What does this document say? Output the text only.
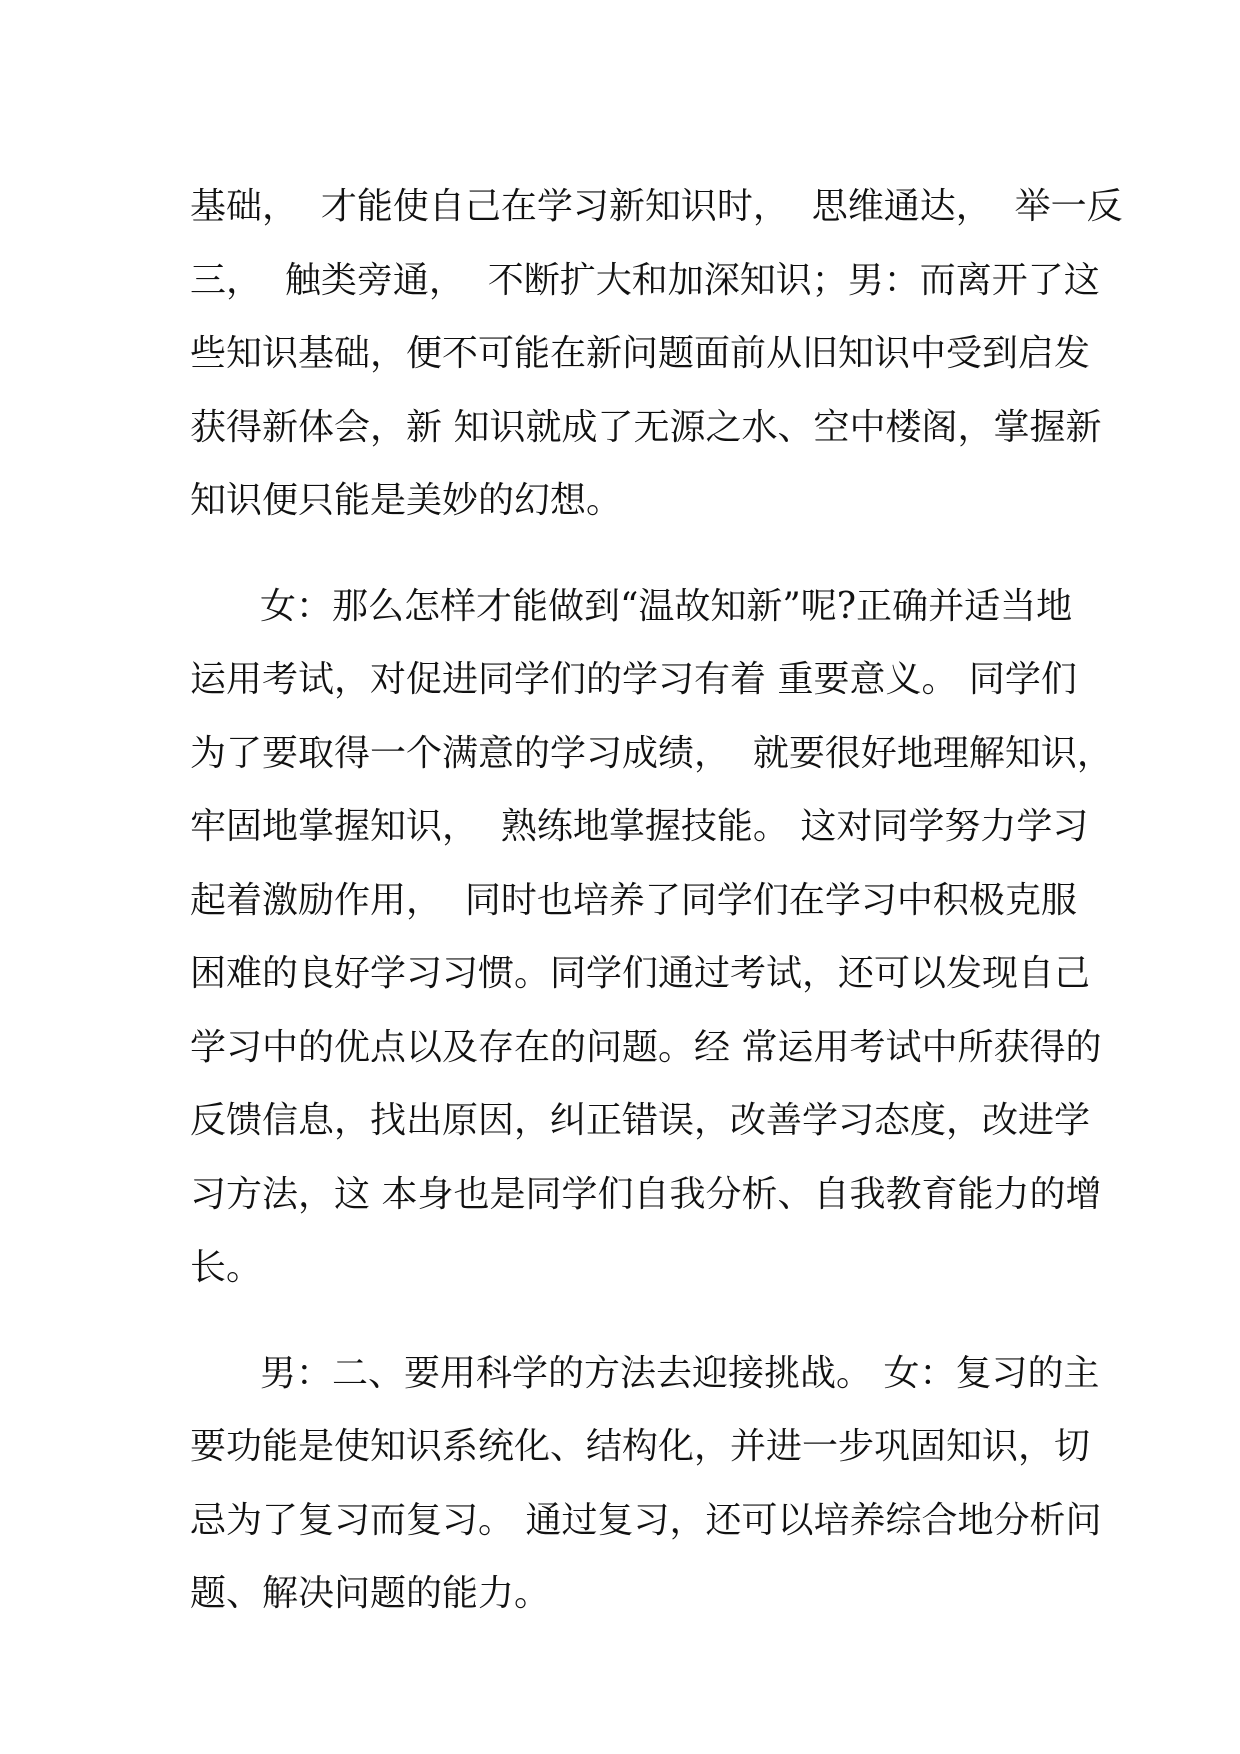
基础，  才能使自己在学习新知识时，  思维通达，  举一反
三，  触类旁通，  不断扩大和加深知识；男：而离开了这
些知识基础，便不可能在新问题面前从旧知识中受到启发
获得新体会，新 知识就成了无源之水、空中楼阁，掌握新
知识便只能是美妙的幻想。

女：那么怎样才能做到“温故知新”呢?正确并适当地
运用考试，对促进同学们的学习有着 重要意义。 同学们
为了要取得一个满意的学习成绩，  就要很好地理解知识，
牢固地掌握知识，  熟练地掌握技能。 这对同学努力学习
起着激励作用，  同时也培养了同学们在学习中积极克服
困难的良好学习习惯。同学们通过考试，还可以发现自己
学习中的优点以及存在的问题。经 常运用考试中所获得的
反馈信息，找出原因，纠正错误，改善学习态度，改进学
习方法，这 本身也是同学们自我分析、自我教育能力的增
长。

男：二、要用科学的方法去迎接挑战。 女：复习的主
要功能是使知识系统化、结构化，并进一步巩固知识，切
忌为了复习而复习。 通过复习，还可以培养综合地分析问
题、解决问题的能力。
